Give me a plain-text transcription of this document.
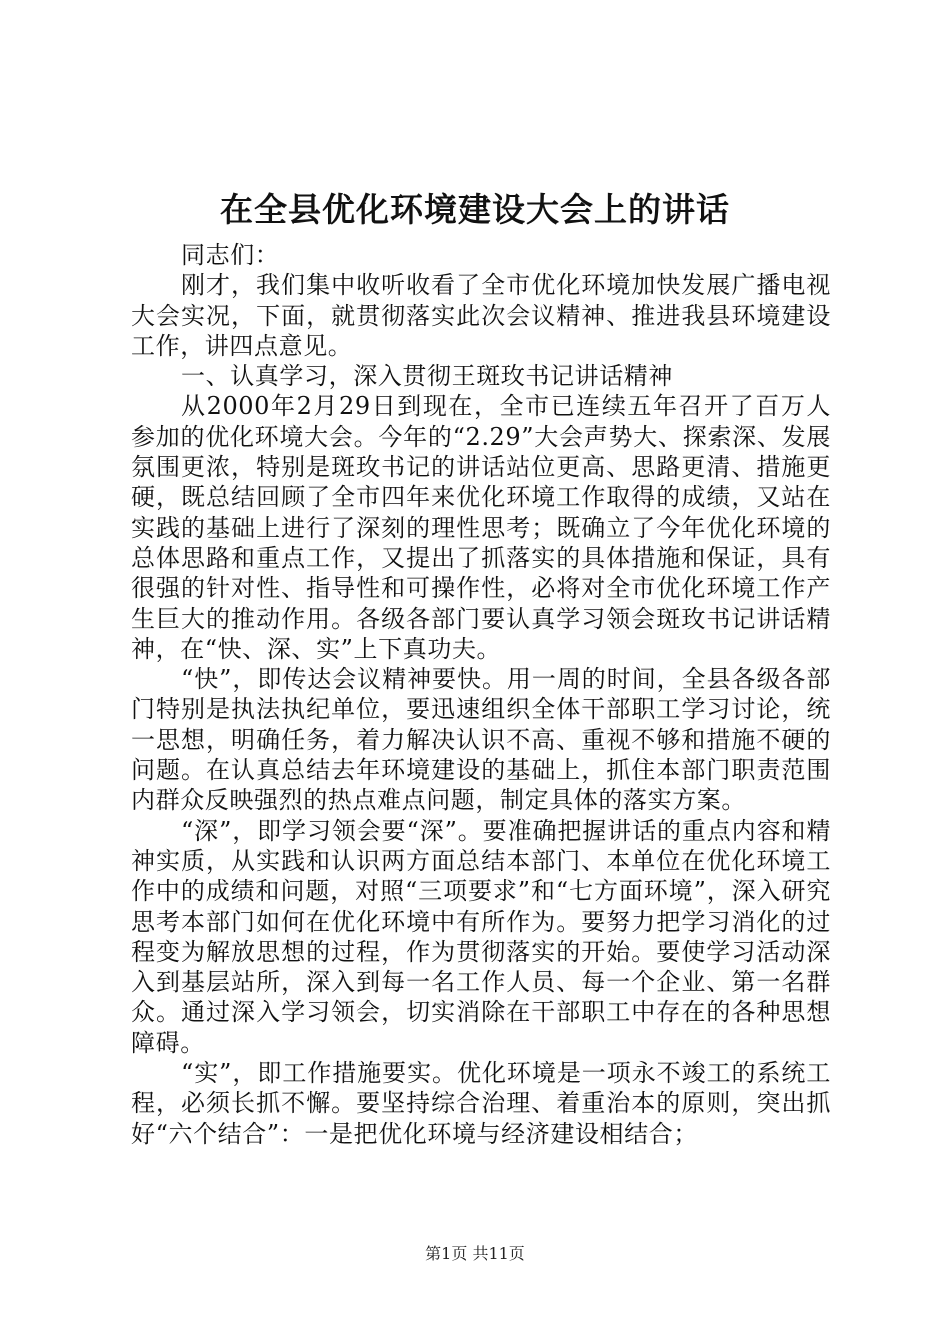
在全县优化环境建设大会上的讲话

同志们：

刚才，我们集中收听收看了全市优化环境加快发展广播电视大会实况，下面，就贯彻落实此次会议精神、推进我县环境建设工作，讲四点意见。

一、认真学习，深入贯彻王斑玫书记讲话精神

从2000年2月29日到现在，全市已连续五年召开了百万人参加的优化环境大会。今年的“2.29”大会声势大、探索深、发展氛围更浓，特别是斑玫书记的讲话站位更高、思路更清、措施更硬，既总结回顾了全市四年来优化环境工作取得的成绩，又站在实践的基础上进行了深刻的理性思考；既确立了今年优化环境的总体思路和重点工作，又提出了抓落实的具体措施和保证，具有很强的针对性、指导性和可操作性，必将对全市优化环境工作产生巨大的推动作用。各级各部门要认真学习领会斑玫书记讲话精神，在“快、深、实”上下真功夫。

“快”，即传达会议精神要快。用一周的时间，全县各级各部门特别是执法执纪单位，要迅速组织全体干部职工学习讨论，统一思想，明确任务，着力解决认识不高、重视不够和措施不硬的问题。在认真总结去年环境建设的基础上，抓住本部门职责范围内群众反映强烈的热点难点问题，制定具体的落实方案。

“深”，即学习领会要“深”。要准确把握讲话的重点内容和精神实质，从实践和认识两方面总结本部门、本单位在优化环境工作中的成绩和问题，对照“三项要求”和“七方面环境”，深入研究思考本部门如何在优化环境中有所作为。要努力把学习消化的过程变为解放思想的过程，作为贯彻落实的开始。要使学习活动深入到基层站所，深入到每一名工作人员、每一个企业、第一名群众。通过深入学习领会，切实消除在干部职工中存在的各种思想障碍。

“实”，即工作措施要实。优化环境是一项永不竣工的系统工程，必须长抓不懈。要坚持综合治理、着重治本的原则，突出抓好“六个结合”：一是把优化环境与经济建设相结合；

第1页 共11页
